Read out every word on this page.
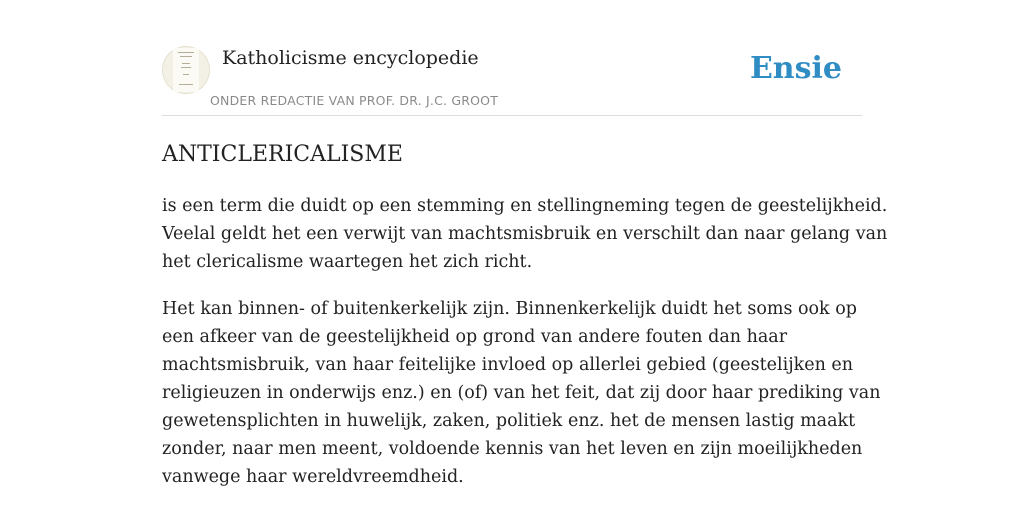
Katholicisme encyclopedie
ONDER REDACTIE VAN PROF. DR. J.C. GROOT
Ensie
ANTICLERICALISME

is een term die duidt op een stemming en stellingneming tegen de geestelijkheid.
Veelal geldt het een verwijt van machtsmisbruik en verschilt dan naar gelang van
het clericalisme waartegen het zich richt.

Het kan binnen- of buitenkerkelijk zijn. Binnenkerkelijk duidt het soms ook op
een afkeer van de geestelijkheid op grond van andere fouten dan haar
machtsmisbruik, van haar feitelijke invloed op allerlei gebied (geestelijken en
religieuzen in onderwijs enz.) en (of) van het feit, dat zij door haar prediking van
gewetensplichten in huwelijk, zaken, politiek enz. het de mensen lastig maakt
zonder, naar men meent, voldoende kennis van het leven en zijn moeilijkheden
vanwege haar wereldvreemdheid.
